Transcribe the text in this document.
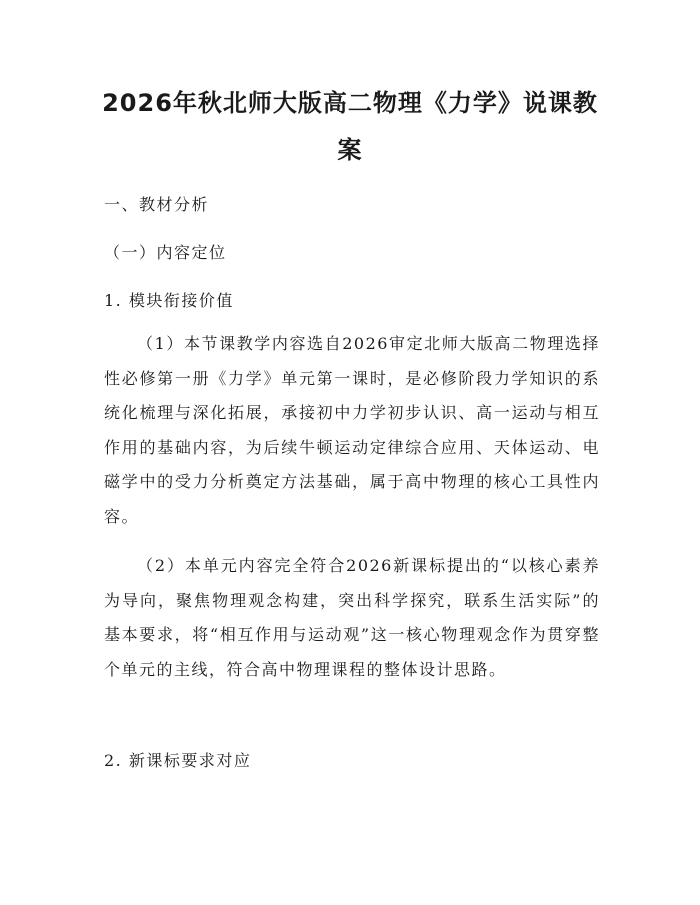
2026年秋北师大版高二物理《力学》说课教案

一、教材分析

（一）内容定位

1. 模块衔接价值

（1）本节课教学内容选自2026审定北师大版高二物理选择性必修第一册《力学》单元第一课时，是必修阶段力学知识的系统化梳理与深化拓展，承接初中力学初步认识、高一运动与相互作用的基础内容，为后续牛顿运动定律综合应用、天体运动、电磁学中的受力分析奠定方法基础，属于高中物理的核心工具性内容。

（2）本单元内容完全符合2026新课标提出的“以核心素养为导向，聚焦物理观念构建，突出科学探究，联系生活实际”的基本要求，将“相互作用与运动观”这一核心物理观念作为贯穿整个单元的主线，符合高中物理课程的整体设计思路。

2. 新课标要求对应
